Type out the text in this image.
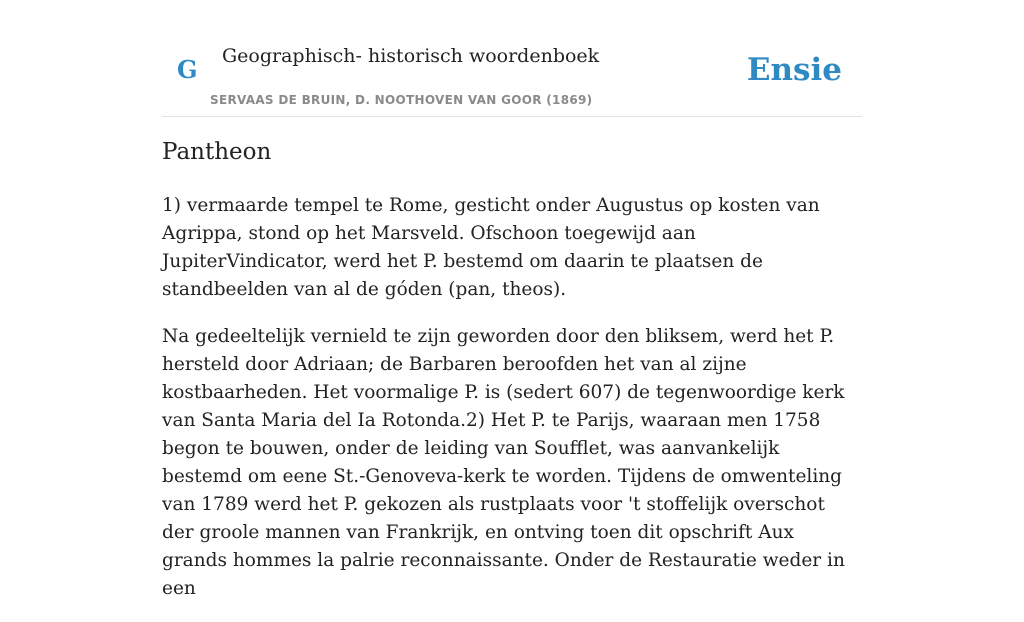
G Geographisch- historisch woordenboek
SERVAAS DE BRUIN, D. NOOTHOVEN VAN GOOR (1869)
Ensie
Pantheon

1) vermaarde tempel te Rome, gesticht onder Augustus op kosten van Agrippa, stond op het Marsveld. Ofschoon toegewijd aan JupiterVindicator, werd het P. bestemd om daarin te plaatsen de standbeelden van al de góden (pan, theos).

Na gedeeltelijk vernield te zijn geworden door den bliksem, werd het P. hersteld door Adriaan; de Barbaren beroofden het van al zijne kostbaarheden. Het voormalige P. is (sedert 607) de tegenwoordige kerk van Santa Maria del Ia Rotonda.2) Het P. te Parijs, waaraan men 1758 begon te bouwen, onder de leiding van Soufflet, was aanvankelijk bestemd om eene St.-Genoveva-kerk te worden. Tijdens de omwenteling van 1789 werd het P. gekozen als rustplaats voor 't stoffelijk overschot der groole mannen van Frankrijk, en ontving toen dit opschrift Aux grands hommes la palrie reconnaissante. Onder de Restauratie weder in een
